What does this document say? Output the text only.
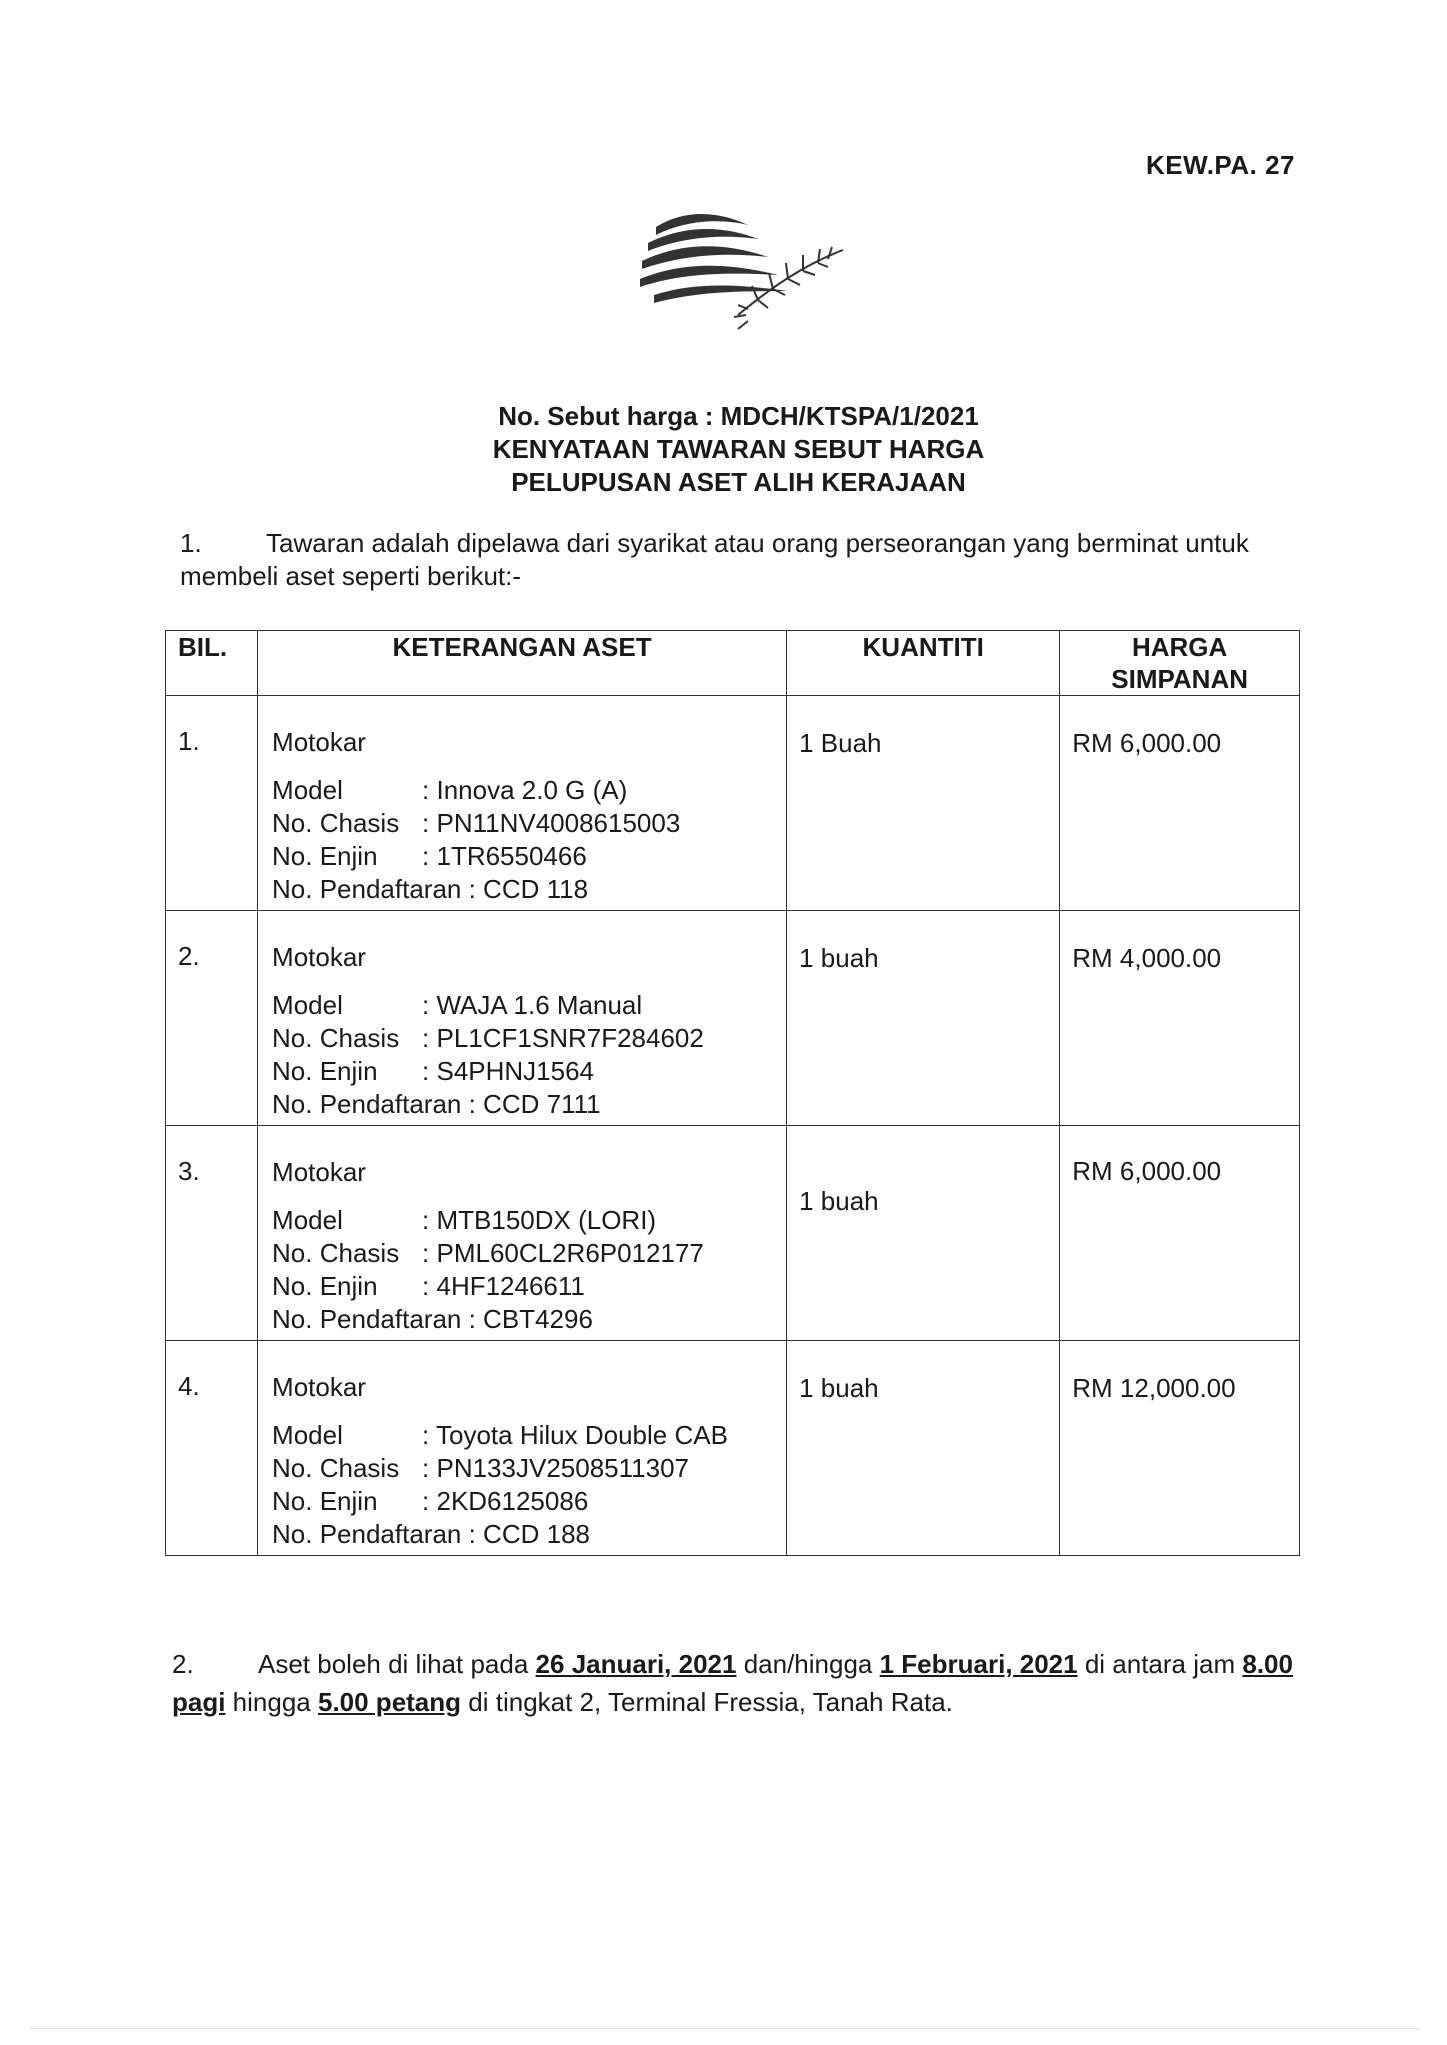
KEW.PA. 27
No. Sebut harga : MDCH/KTSPA/1/2021
KENYATAAN TAWARAN SEBUT HARGA
PELUPUSAN ASET ALIH KERAJAAN
1. Tawaran adalah dipelawa dari syarikat atau orang perseorangan yang berminat untuk membeli aset seperti berikut:-
BIL.	KETERANGAN ASET	KUANTITI	HARGA
SIMPANAN

1.	Motokar
Model : Innova 2.0 G (A)
No. Chasis : PN11NV4008615003
No. Enjin : 1TR6550466
No. Pendaftaran : CCD 118	1 Buah	RM 6,000.00
2.	Motokar
Model : WAJA 1.6 Manual
No. Chasis : PL1CF1SNR7F284602
No. Enjin : S4PHNJ1564
No. Pendaftaran : CCD 7111	1 buah	RM 4,000.00
3.	Motokar
Model : MTB150DX (LORI)
No. Chasis : PML60CL2R6P012177
No. Enjin : 4HF1246611
No. Pendaftaran : CBT4296	1 buah	RM 6,000.00
4.	Motokar
Model : Toyota Hilux Double CAB
No. Chasis : PN133JV2508511307
No. Enjin : 2KD6125086
No. Pendaftaran : CCD 188	1 buah	RM 12,000.00
2. Aset boleh di lihat pada 26 Januari, 2021 dan/hingga 1 Februari, 2021 di antara jam 8.00 pagi hingga 5.00 petang di tingkat 2, Terminal Fressia, Tanah Rata.
